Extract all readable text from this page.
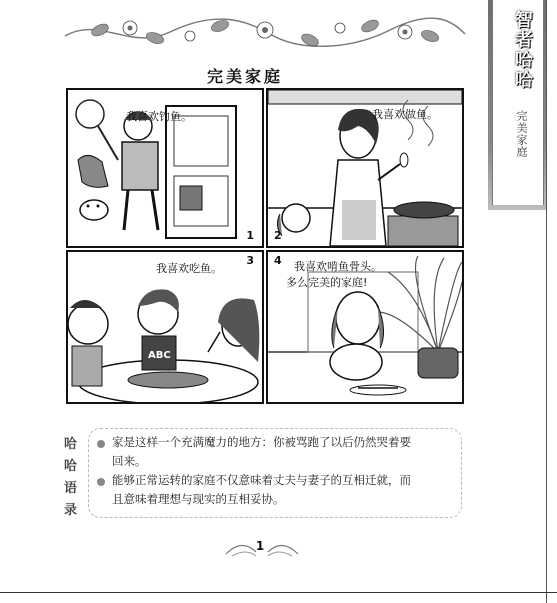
完美家庭	智者哈哈
完美家庭
我喜欢钓鱼。
1
我喜欢做鱼。
2
ABC
我喜欢吃鱼。
3	我喜欢啃鱼骨头。
多么完美的家庭!
4
哈
哈
语
录
家是这样一个充满魔力的地方：你被骂跑了以后仍然哭着要
回来。
能够正常运转的家庭不仅意味着丈夫与妻子的互相迁就，而
且意味着理想与现实的互相妥协。
1
